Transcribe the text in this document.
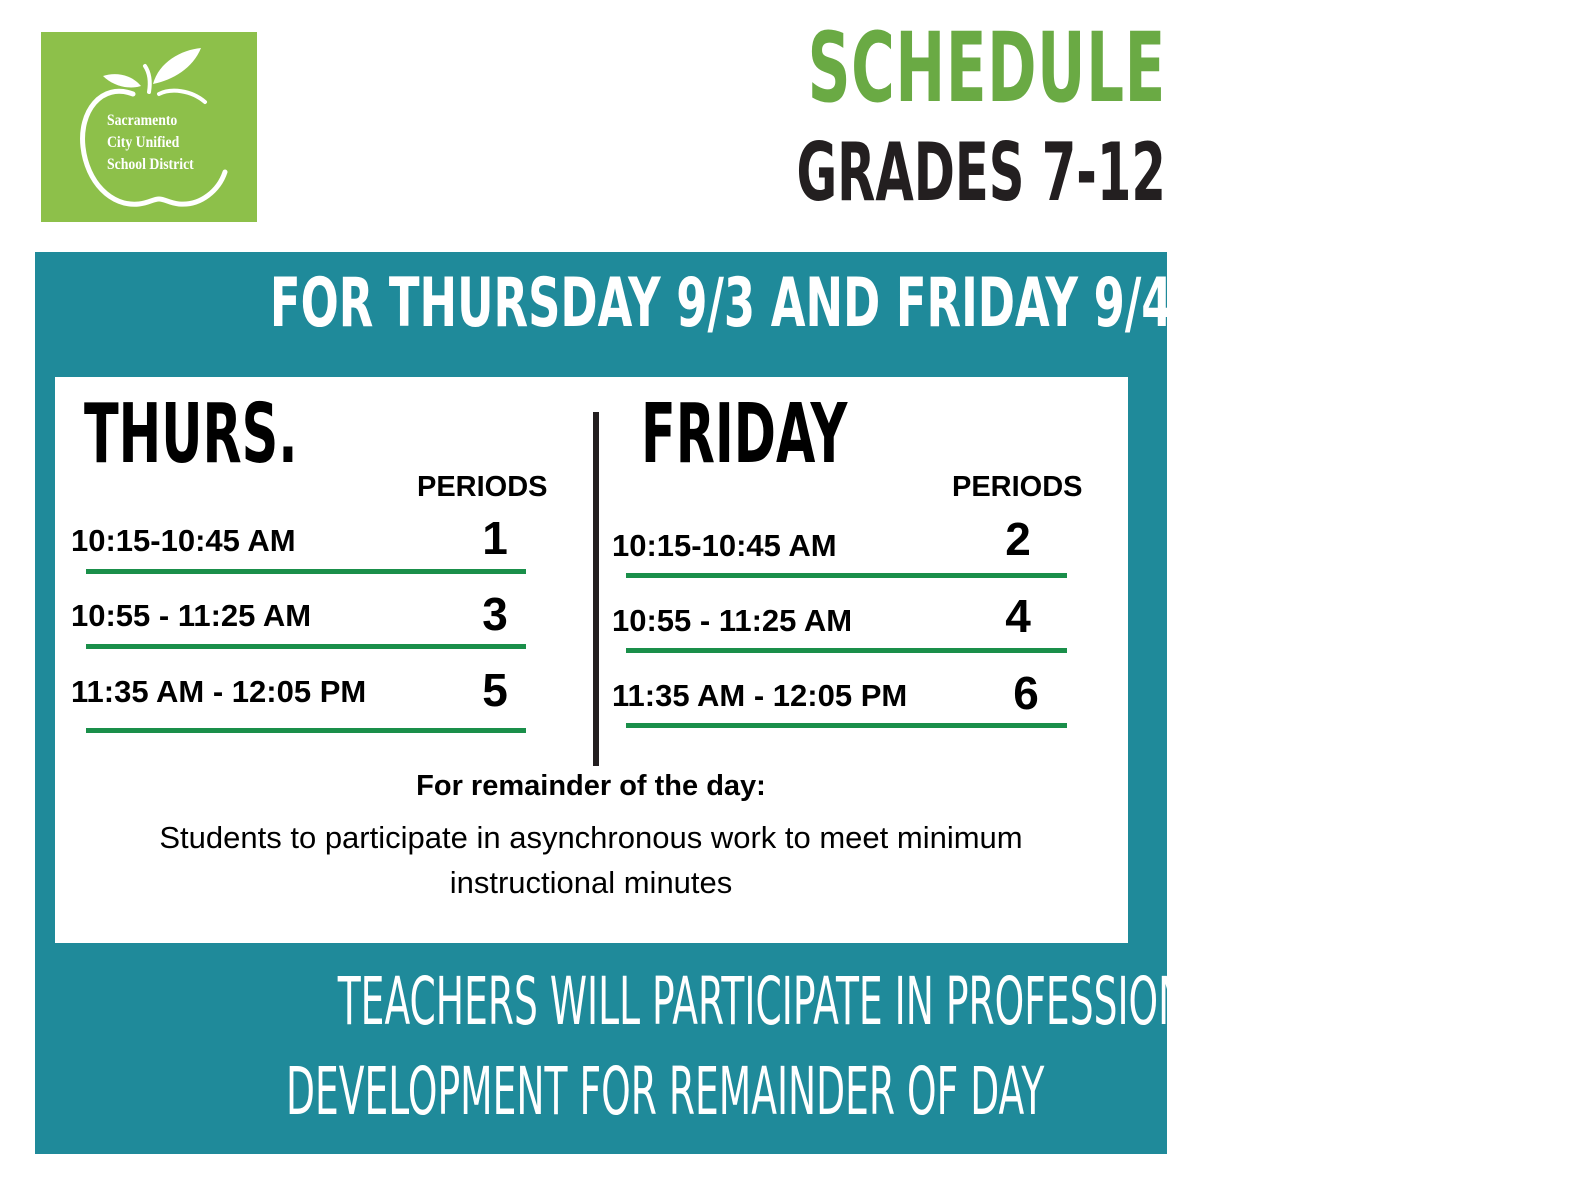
Sacramento
City Unified
School District
SCHEDULE
GRADES 7-12
FOR THURSDAY 9/3 AND FRIDAY 9/4 ONLY
THURS.
PERIODS
10:15-10:45 AM	1
10:55 - 11:25 AM	3
11:35 AM - 12:05 PM	5
FRIDAY
PERIODS
10:15-10:45 AM	2
10:55 - 11:25 AM	4
11:35 AM - 12:05 PM	6
For remainder of the day:
Students to participate in asynchronous work to meet minimum
instructional minutes
TEACHERS WILL PARTICIPATE IN PROFESSIONAL
DEVELOPMENT FOR REMAINDER OF DAY
